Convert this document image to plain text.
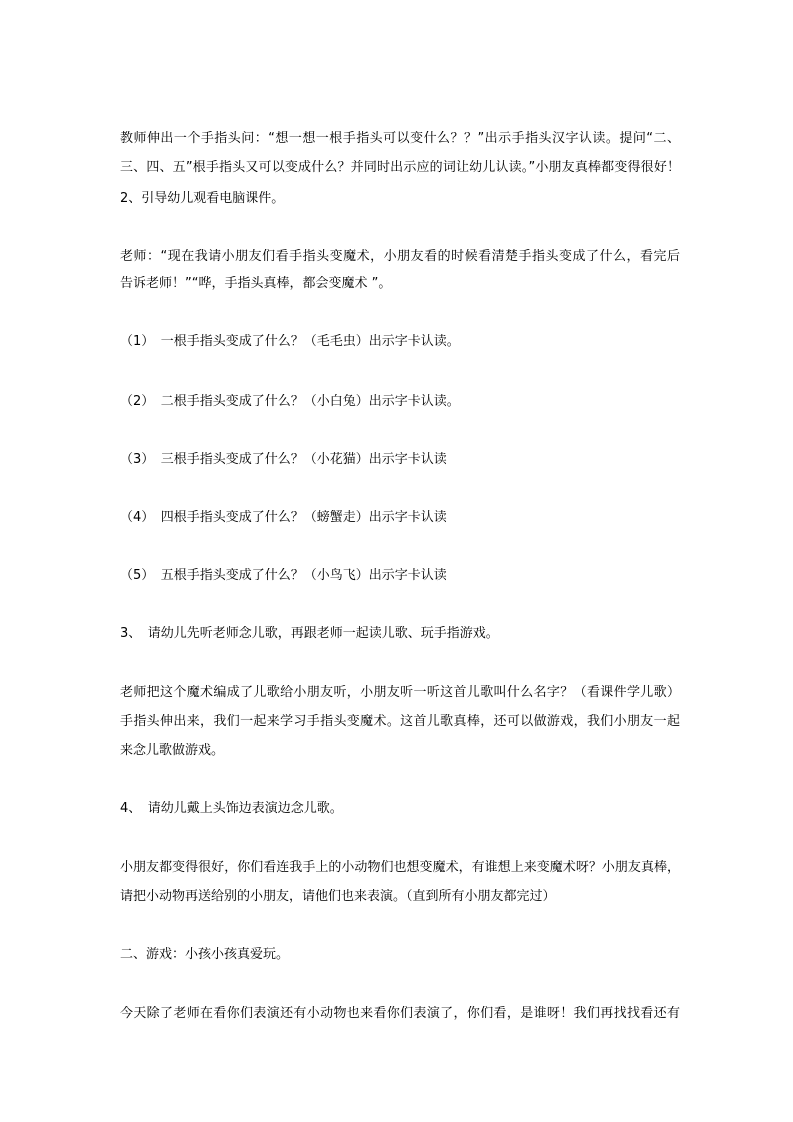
教师伸出一个手指头问：“想一想一根手指头可以变什么？？”出示手指头汉字认读。提问“二、
三、四、五”根手指头又可以变成什么？并同时出示应的词让幼儿认读。”小朋友真棒都变得很好！
2、引导幼儿观看电脑课件。
老师：“现在我请小朋友们看手指头变魔术，小朋友看的时候看清楚手指头变成了什么，看完后
告诉老师！”“哗，手指头真棒，都会变魔术 ”。
（1）　一根手指头变成了什么？（毛毛虫）出示字卡认读。
（2）　二根手指头变成了什么？（小白兔）出示字卡认读。
（3）　三根手指头变成了什么？（小花猫）出示字卡认读
（4）　四根手指头变成了什么？（螃蟹走）出示字卡认读
（5）　五根手指头变成了什么？（小鸟飞）出示字卡认读
3、　请幼儿先听老师念儿歌，再跟老师一起读儿歌、玩手指游戏。
老师把这个魔术编成了儿歌给小朋友听，小朋友听一听这首儿歌叫什么名字？（看课件学儿歌）
手指头伸出来，我们一起来学习手指头变魔术。这首儿歌真棒，还可以做游戏，我们小朋友一起
来念儿歌做游戏。
4、　请幼儿戴上头饰边表演边念儿歌。
小朋友都变得很好，你们看连我手上的小动物们也想变魔术，有谁想上来变魔术呀？小朋友真棒，
请把小动物再送给别的小朋友，请他们也来表演。（直到所有小朋友都完过）
二、游戏：小孩小孩真爱玩。
今天除了老师在看你们表演还有小动物也来看你们表演了，你们看，是谁呀！我们再找找看还有
